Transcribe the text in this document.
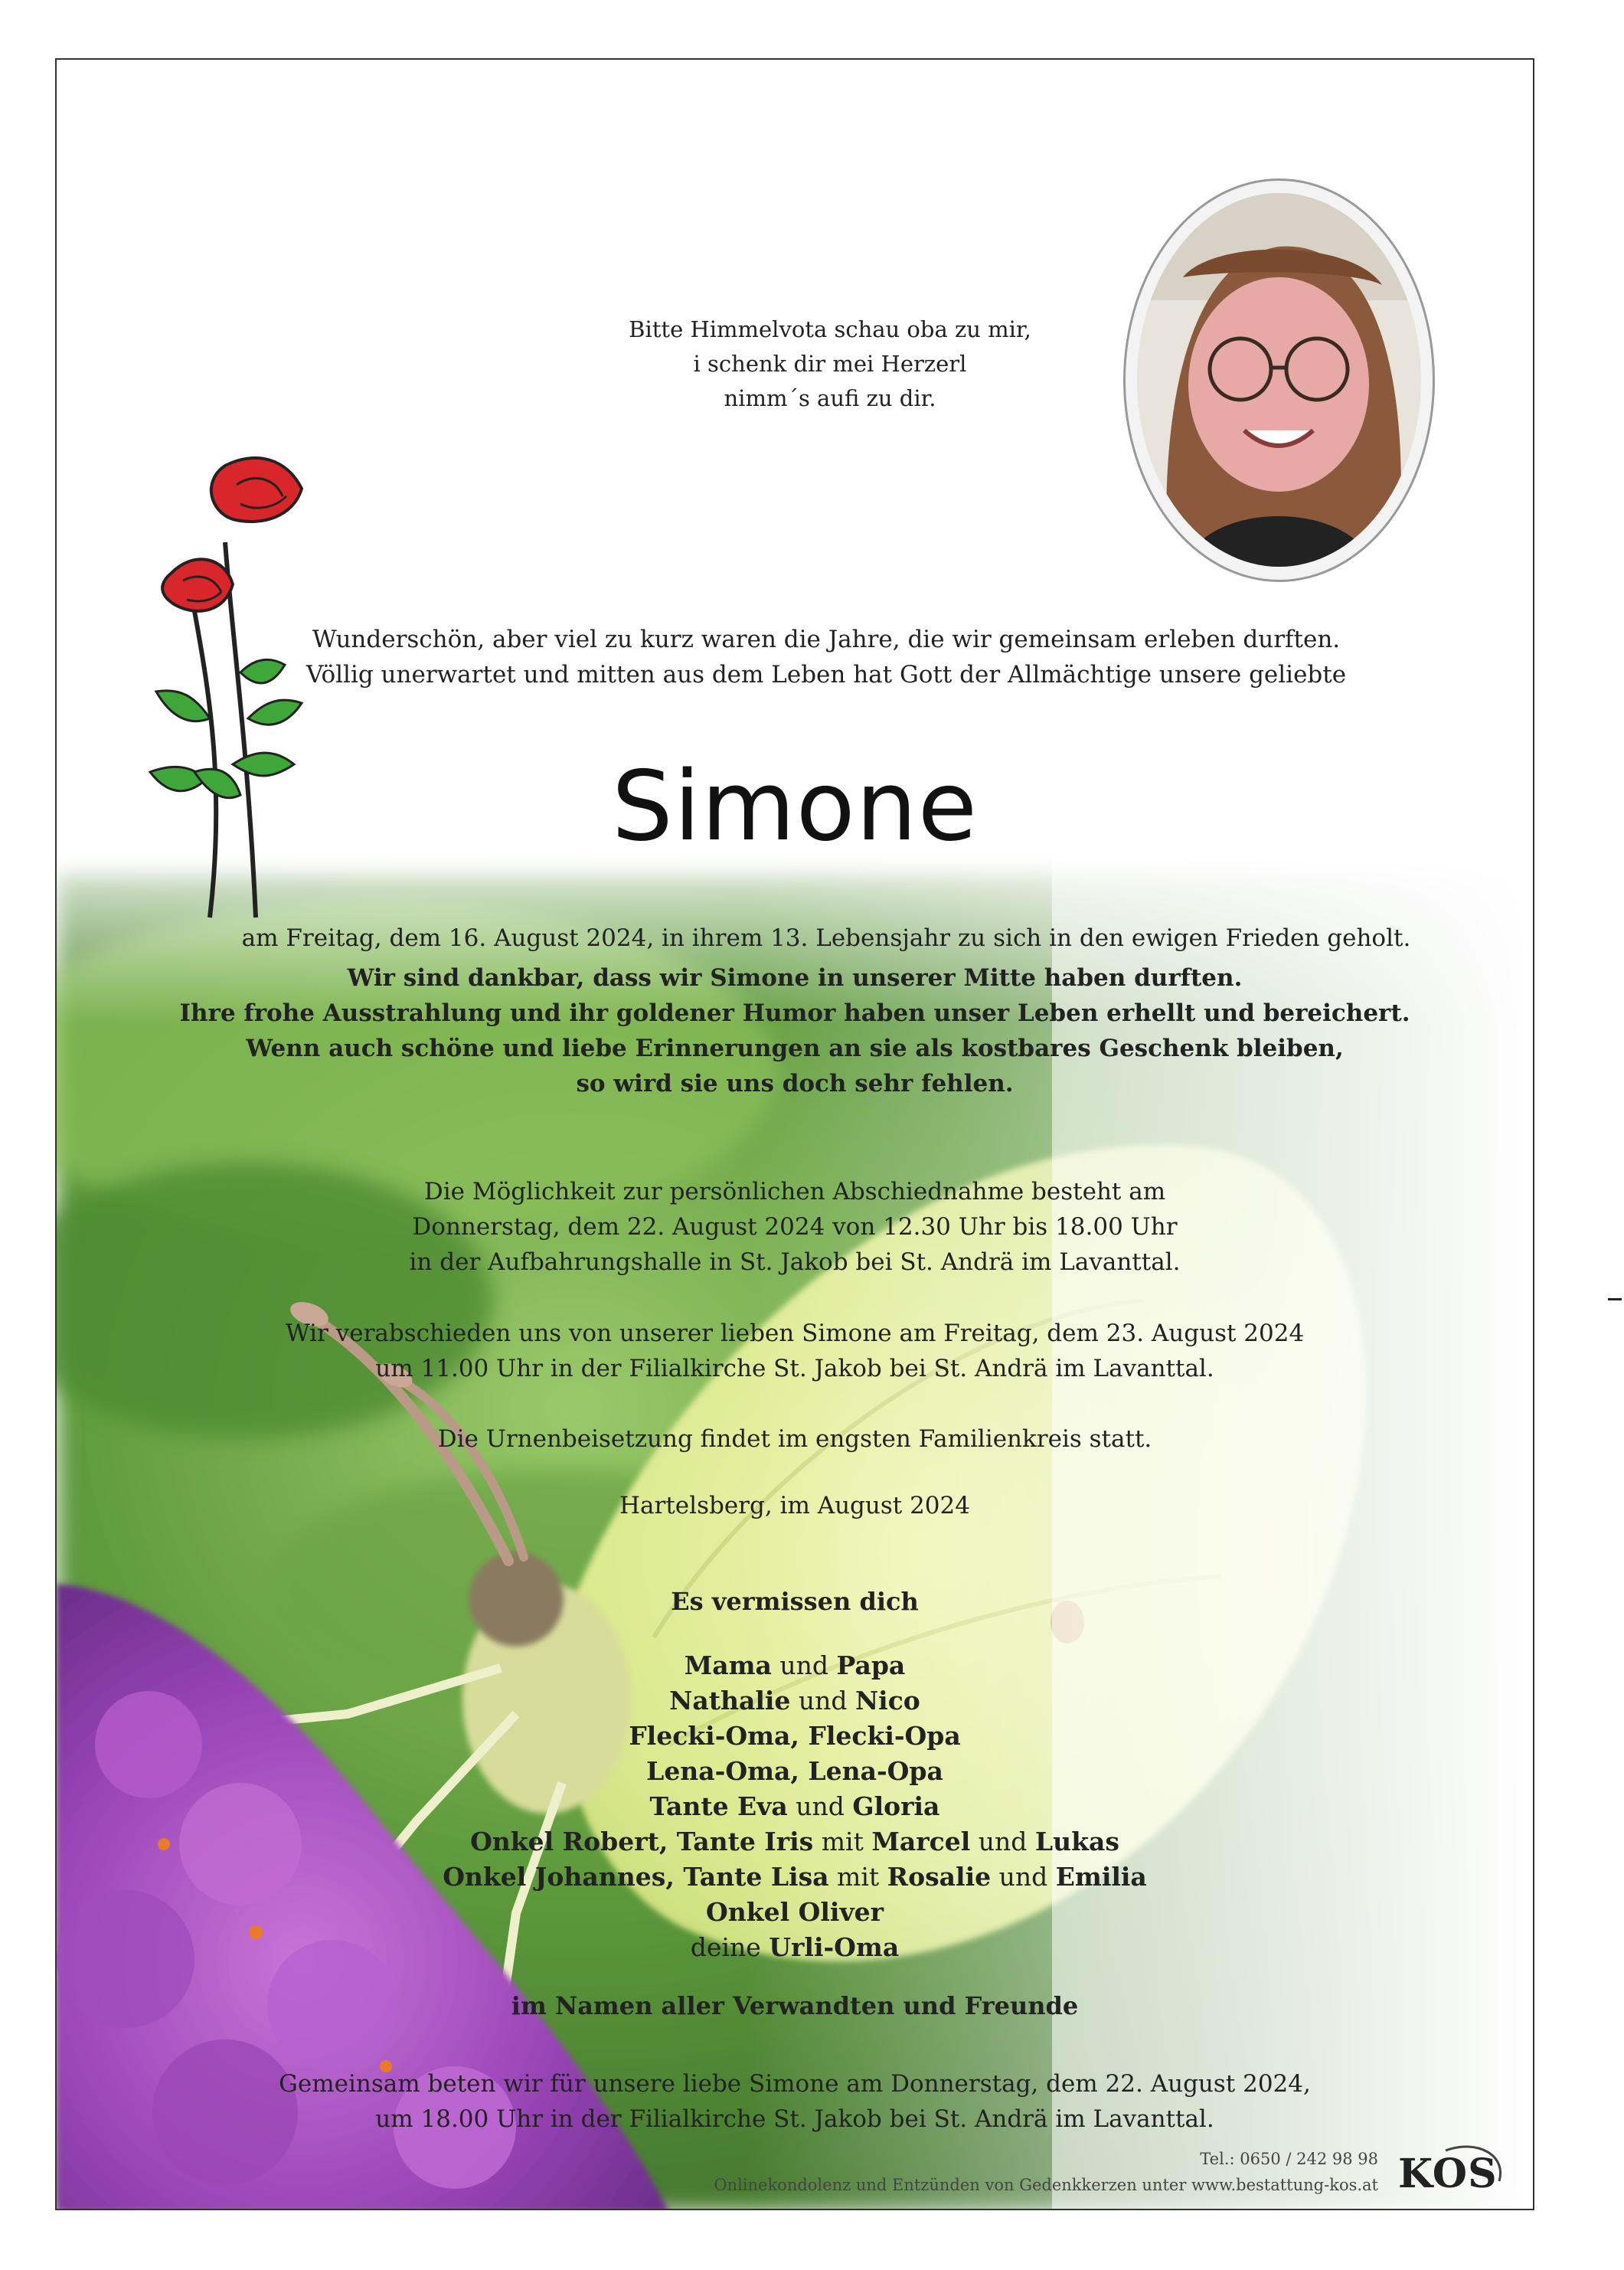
Bitte Himmelvota schau oba zu mir,
i schenk dir mei Herzerl
nimm´s aufi zu dir.
Wunderschön, aber viel zu kurz waren die Jahre, die wir gemeinsam erleben durften.
Völlig unerwartet und mitten aus dem Leben hat Gott der Allmächtige unsere geliebte
Simone
am Freitag, dem 16. August 2024, in ihrem 13. Lebensjahr zu sich in den ewigen Frieden geholt.
Wir sind dankbar, dass wir Simone in unserer Mitte haben durften.
Ihre frohe Ausstrahlung und ihr goldener Humor haben unser Leben erhellt und bereichert.
Wenn auch schöne und liebe Erinnerungen an sie als kostbares Geschenk bleiben,
so wird sie uns doch sehr fehlen.
Die Möglichkeit zur persönlichen Abschiednahme besteht am
Donnerstag, dem 22. August 2024 von 12.30 Uhr bis 18.00 Uhr
in der Aufbahrungshalle in St. Jakob bei St. Andrä im Lavanttal.
Wir verabschieden uns von unserer lieben Simone am Freitag, dem 23. August 2024
um 11.00 Uhr in der Filialkirche St. Jakob bei St. Andrä im Lavanttal.
Die Urnenbeisetzung findet im engsten Familienkreis statt.
Hartelsberg, im August 2024
Es vermissen dich
Mama und Papa
Nathalie und Nico
Flecki-Oma, Flecki-Opa
Lena-Oma, Lena-Opa
Tante Eva und Gloria
Onkel Robert, Tante Iris mit Marcel und Lukas
Onkel Johannes, Tante Lisa mit Rosalie und Emilia
Onkel Oliver
deine Urli-Oma
im Namen aller Verwandten und Freunde
Gemeinsam beten wir für unsere liebe Simone am Donnerstag, dem 22. August 2024,
um 18.00 Uhr in der Filialkirche St. Jakob bei St. Andrä im Lavanttal.
Tel.: 0650 / 242 98 98
Onlinekondolenz und Entzünden von Gedenkkerzen unter www.bestattung-kos.at KOS
